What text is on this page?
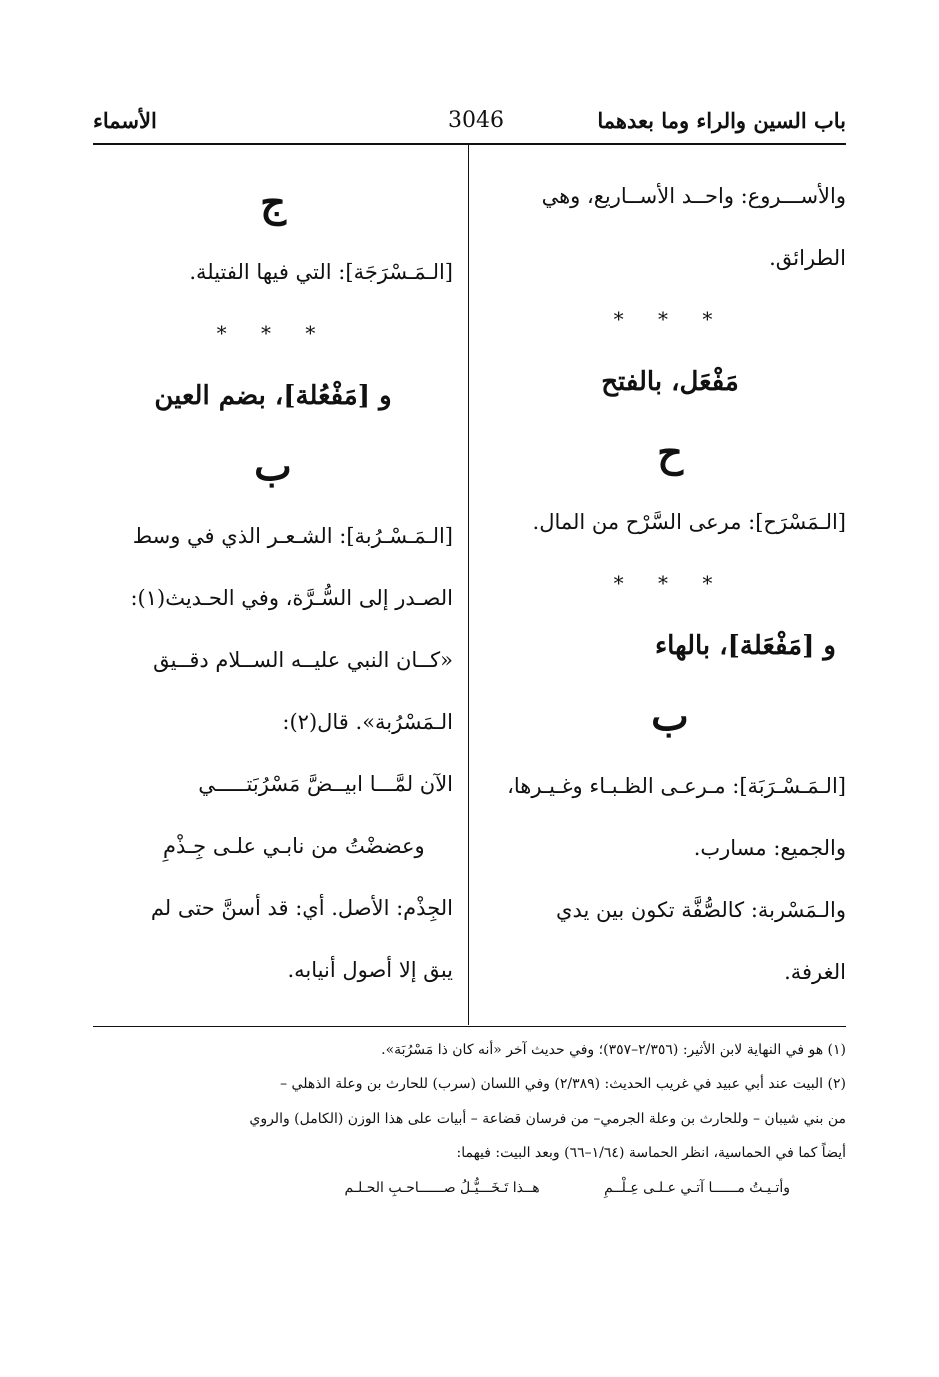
باب السين والراء وما بعدهما
3046
الأسماء
والأســـروع: واحــد الأســاريع، وهي
الطرائق.
* * *
مَفْعَل، بالفتح
ح
[الـمَسْرَح]: مرعى السَّرْح من المال.
* * *
و [مَفْعَلة]، بالهاء
ب
[الـمَـسْـرَبَة]: مـرعـى الظـبـاء وغـيـرها،
والجميع: مسارب.
والـمَسْربة: كالصُّفَّة تكون بين يدي
الغرفة.
ج
[الـمَـسْرَجَة]: التي فيها الفتيلة.
* * *
و [مَفْعُلة]، بضم العين
ب
[الـمَـسْـرُبة]: الشـعـر الذي في وسط
الصـدر إلى السُّـرَّة، وفي الحـديث(١):
«كــان النبي عليــه الســلام دقــيق
الـمَسْرُبة». قال(٢):
الآن لمَّـــا ابيــضَّ مَسْرُبَتـــــي
وعضضْتُ من نابـي علـى جِـذْمِ
الجِذْم: الأصل. أي: قد أسنَّ حتى لم
يبق إلا أصول أنيابه.
(١) هو في النهاية لابن الأثير: (٢/٣٥٦–٣٥٧)؛ وفي حديث آخر «أنه كان ذا مَسْرُبَة».
(٢) البيت عند أبي عبيد في غريب الحديث: (٢/٣٨٩) وفي اللسان (سرب) للحارث بن وعلة الذهلي –
من بني شيبان – وللحارث بن وعلة الجرمي– من فرسان قضاعة – أبيات على هذا الوزن (الكامل) والروي
أيضاً كما في الحماسية، انظر الحماسة (١/٦٤–٦٦) وبعد البيت: فيهما:
وأتـيـتُ مــــــا آتـي عـلـى عِـلْــمِ هــذا تَـخَـــيُّـلُ صــــــاحـبِ الحـلـم
